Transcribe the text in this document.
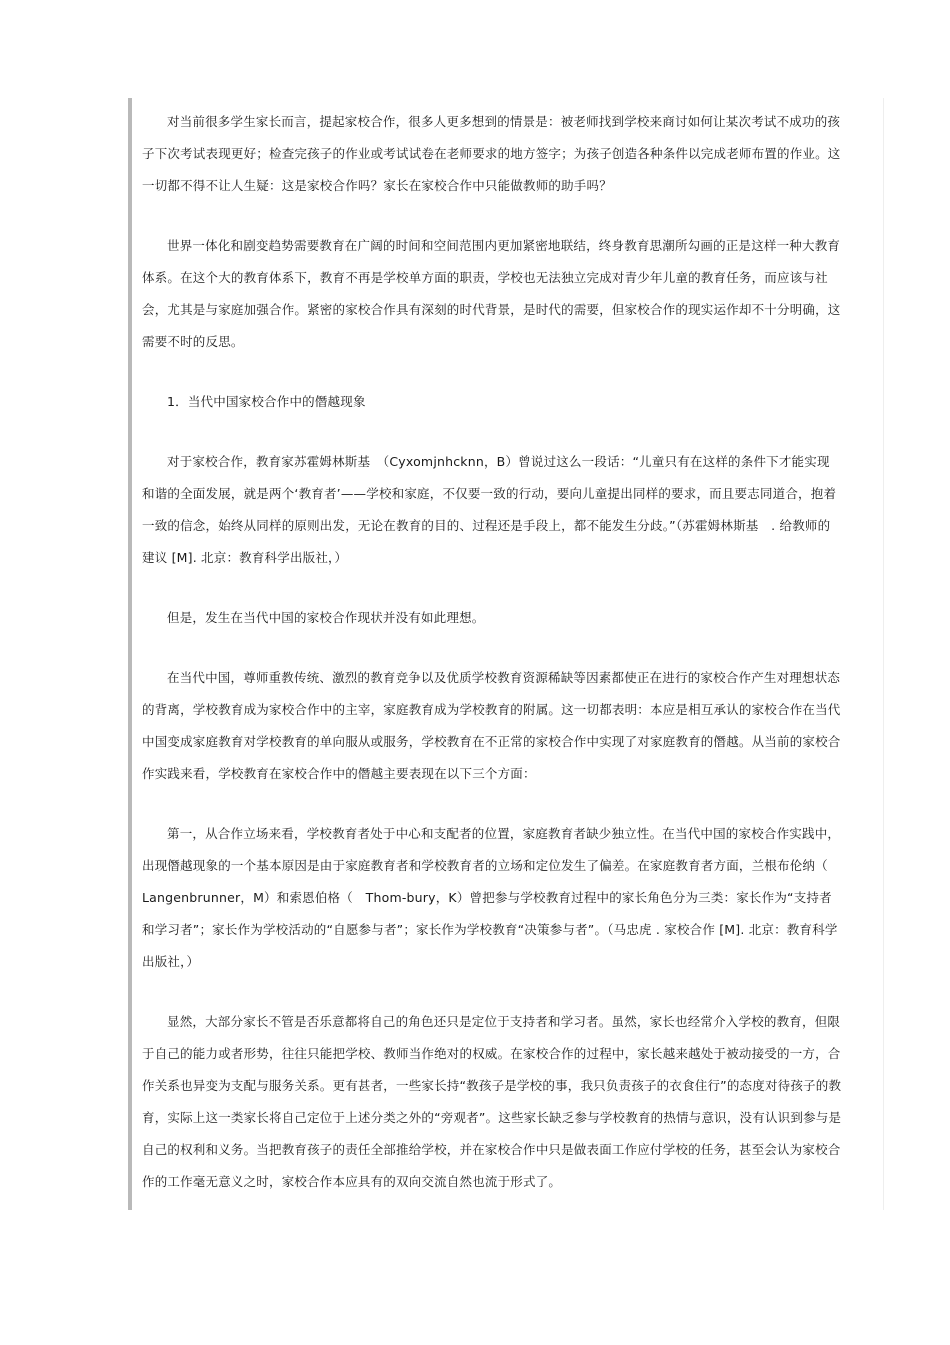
对当前很多学生家长而言，提起家校合作，很多人更多想到的情景是：被老师找到学校来商讨如何让某次考试不成功的孩子下次考试表现更好；检查完孩子的作业或考试试卷在老师要求的地方签字；为孩子创造各种条件以完成老师布置的作业。这一切都不得不让人生疑：这是家校合作吗？家长在家校合作中只能做教师的助手吗？

世界一体化和剧变趋势需要教育在广阔的时间和空间范围内更加紧密地联结，终身教育思潮所勾画的正是这样一种大教育体系。在这个大的教育体系下，教育不再是学校单方面的职责，学校也无法独立完成对青少年儿童的教育任务，而应该与社会，尤其是与家庭加强合作。紧密的家校合作具有深刻的时代背景，是时代的需要，但家校合作的现实运作却不十分明确，这需要不时的反思。

1．当代中国家校合作中的僭越现象

对于家校合作，教育家苏霍姆林斯基　（Cyxomjnhcknn，B）曾说过这么一段话：“儿童只有在这样的条件下才能实现和谐的全面发展，就是两个‘教育者’——学校和家庭，不仅要一致的行动，要向儿童提出同样的要求，而且要志同道合，抱着一致的信念，始终从同样的原则出发，无论在教育的目的、过程还是手段上，都不能发生分歧。”（苏霍姆林斯基　. 给教师的建议 [M]. 北京：教育科学出版社，）

但是，发生在当代中国的家校合作现状并没有如此理想。

在当代中国，尊师重教传统、激烈的教育竞争以及优质学校教育资源稀缺等因素都使正在进行的家校合作产生对理想状态的背离，学校教育成为家校合作中的主宰，家庭教育成为学校教育的附属。这一切都表明：本应是相互承认的家校合作在当代中国变成家庭教育对学校教育的单向服从或服务，学校教育在不正常的家校合作中实现了对家庭教育的僭越。从当前的家校合作实践来看，学校教育在家校合作中的僭越主要表现在以下三个方面：

第一，从合作立场来看，学校教育者处于中心和支配者的位置，家庭教育者缺少独立性。在当代中国的家校合作实践中，出现僭越现象的一个基本原因是由于家庭教育者和学校教育者的立场和定位发生了偏差。在家庭教育者方面，兰根布伦纳（　Langenbrunner，M）和索恩伯格（　Thom-bury，K）曾把参与学校教育过程中的家长角色分为三类：家长作为“支持者和学习者”；家长作为学校活动的“自愿参与者”；家长作为学校教育“决策参与者”。（马忠虎 . 家校合作 [M]. 北京：教育科学出版社，）

显然，大部分家长不管是否乐意都将自己的角色还只是定位于支持者和学习者。虽然，家长也经常介入学校的教育，但限于自己的能力或者形势，往往只能把学校、教师当作绝对的权威。在家校合作的过程中，家长越来越处于被动接受的一方，合作关系也异变为支配与服务关系。更有甚者，一些家长持“教孩子是学校的事，我只负责孩子的衣食住行”的态度对待孩子的教育，实际上这一类家长将自己定位于上述分类之外的“旁观者”。这些家长缺乏参与学校教育的热情与意识，没有认识到参与是自己的权利和义务。当把教育孩子的责任全部推给学校，并在家校合作中只是做表面工作应付学校的任务，甚至会认为家校合作的工作毫无意义之时，家校合作本应具有的双向交流自然也流于形式了。
